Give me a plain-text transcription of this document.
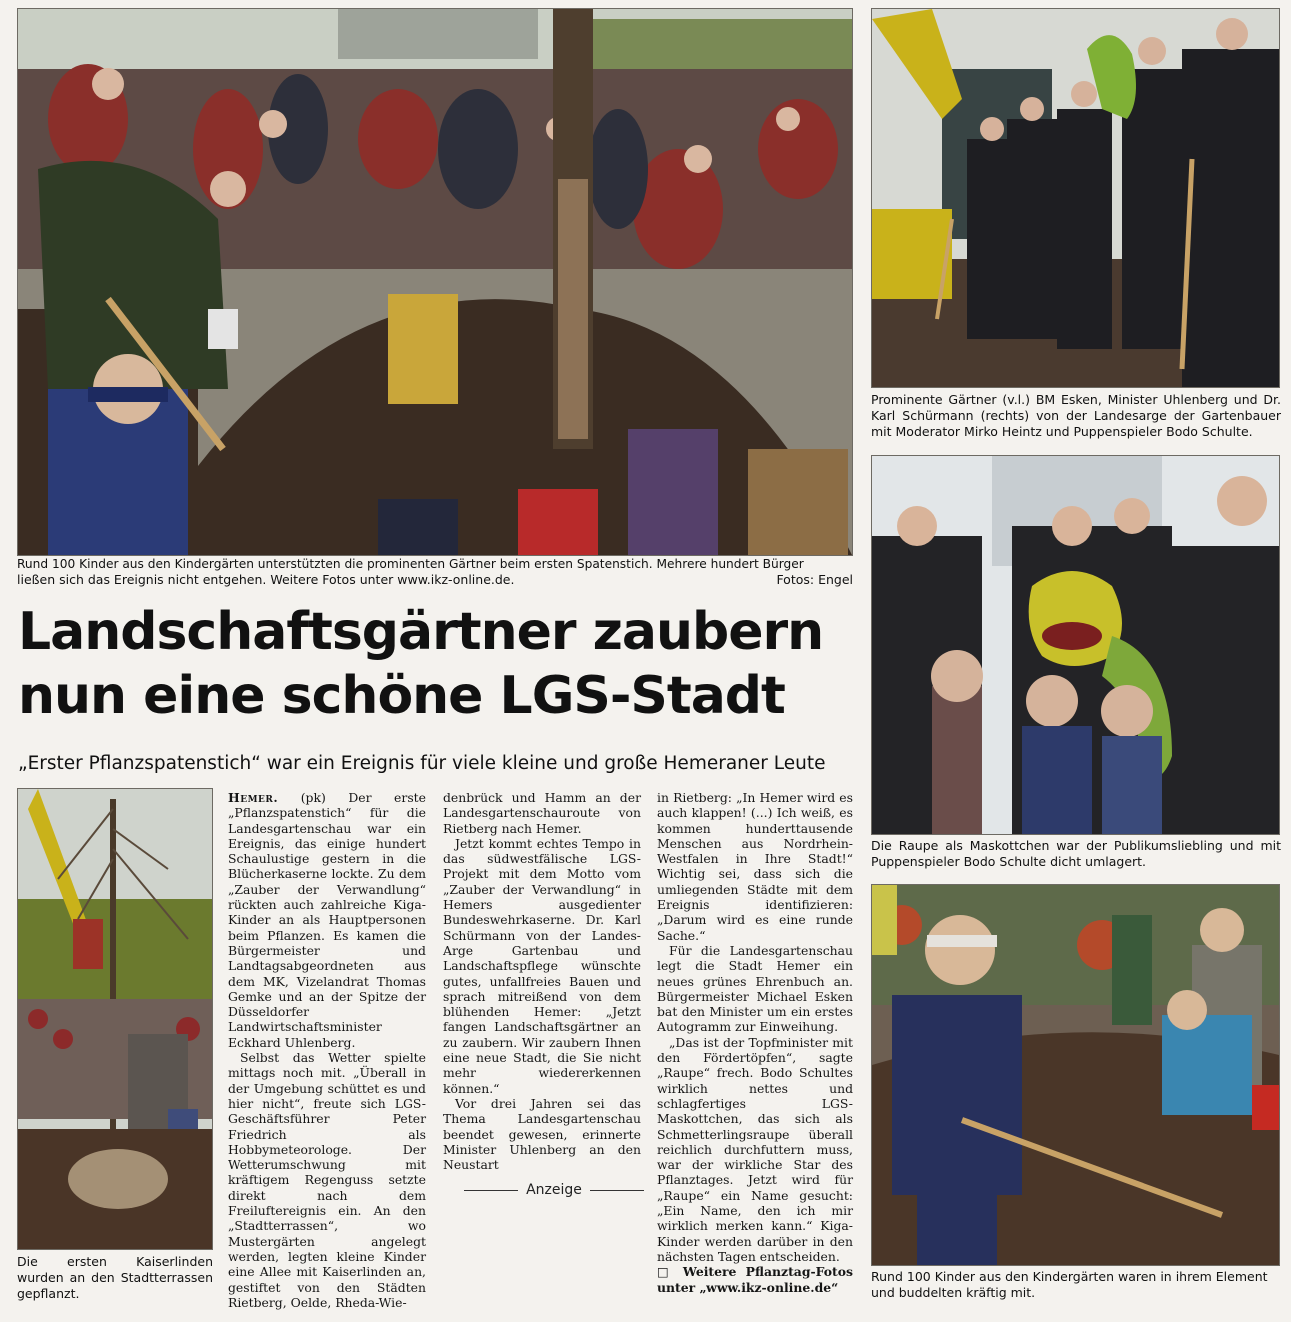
Rund 100 Kinder aus den Kindergärten unterstützten die prominenten Gärtner beim ersten Spatenstich. Mehrere hundert Bürger

ließen sich das Ereignis nicht entgehen. Weitere Fotos unter www.ikz-online.de.	Fotos: Engel

Landschaftsgärtner zaubern

nun eine schöne LGS-Stadt

„Erster Pflanzspatenstich“ war ein Ereignis für viele kleine und große Hemeraner Leute
Die ersten Kaiserlinden wurden an den Stadtterrassen gepflanzt.

Hemer. (pk) Der erste „Pflanzspatenstich“ für die Landesgartenschau war ein Ereignis, das einige hundert Schaulustige gestern in die Blücherkaserne lockte. Zu dem „Zauber der Verwandlung“ rückten auch zahlreiche Kiga-Kinder an als Hauptpersonen beim Pflanzen. Es kamen die Bürgermeister und Landtagsabgeordneten aus dem MK, Vizelandrat Thomas Gemke und an der Spitze der Düsseldorfer Landwirtschaftsminister Eckhard Uhlenberg.

Selbst das Wetter spielte mittags noch mit. „Überall in der Umgebung schüttet es und hier nicht“, freute sich LGS-Geschäftsführer Peter Friedrich als Hobbymeteorologe. Der Wetterumschwung mit kräftigem Regenguss setzte direkt nach dem Freiluftereignis ein. An den „Stadtterrassen“, wo Mustergärten angelegt werden, legten kleine Kinder eine Allee mit Kaiserlinden an, gestiftet von den Städten Rietberg, Oelde, Rheda-Wie-

denbrück und Hamm an der Landesgartenschauroute von Rietberg nach Hemer.

Jetzt kommt echtes Tempo in das südwestfälische LGS-Projekt mit dem Motto vom „Zauber der Verwandlung“ in Hemers ausgedienter Bundeswehrkaserne. Dr. Karl Schürmann von der Landes-Arge Gartenbau und Landschaftspflege wünschte gutes, unfallfreies Bauen und sprach mitreißend von dem blühenden Hemer: „Jetzt fangen Landschaftsgärtner an zu zaubern. Wir zaubern Ihnen eine neue Stadt, die Sie nicht mehr wiedererkennen können.“

Vor drei Jahren sei das Thema Landesgartenschau beendet gewesen, erinnerte Minister Uhlenberg an den Neustart

Anzeige

in Rietberg: „In Hemer wird es auch klappen! (...) Ich weiß, es kommen hunderttausende Menschen aus Nordrhein-Westfalen in Ihre Stadt!“ Wichtig sei, dass sich die umliegenden Städte mit dem Ereignis identifizieren: „Darum wird es eine runde Sache.“

Für die Landesgartenschau legt die Stadt Hemer ein neues grünes Ehrenbuch an. Bürgermeister Michael Esken bat den Minister um ein erstes Autogramm zur Einweihung.

„Das ist der Topfminister mit den Fördertöpfen“, sagte „Raupe“ frech. Bodo Schultes wirklich nettes und schlagfertiges LGS-Maskottchen, das sich als Schmetterlingsraupe überall reichlich durchfuttern muss, war der wirkliche Star des Pflanztages. Jetzt wird für „Raupe“ ein Name gesucht: „Ein Name, den ich mir wirklich merken kann.“ Kiga-Kinder werden darüber in den nächsten Tagen entscheiden.

□ Weitere Pflanztag-Fotos unter „www.ikz-online.de“

Prominente Gärtner (v.l.) BM Esken, Minister Uhlenberg und Dr. Karl Schürmann (rechts) von der Landesarge der Gartenbauer mit Moderator Mirko Heintz und Puppenspieler Bodo Schulte.
Die Raupe als Maskottchen war der Publikumsliebling und mit Puppenspieler Bodo Schulte dicht umlagert.
Rund 100 Kinder aus den Kindergärten waren in ihrem Element und buddelten kräftig mit.
